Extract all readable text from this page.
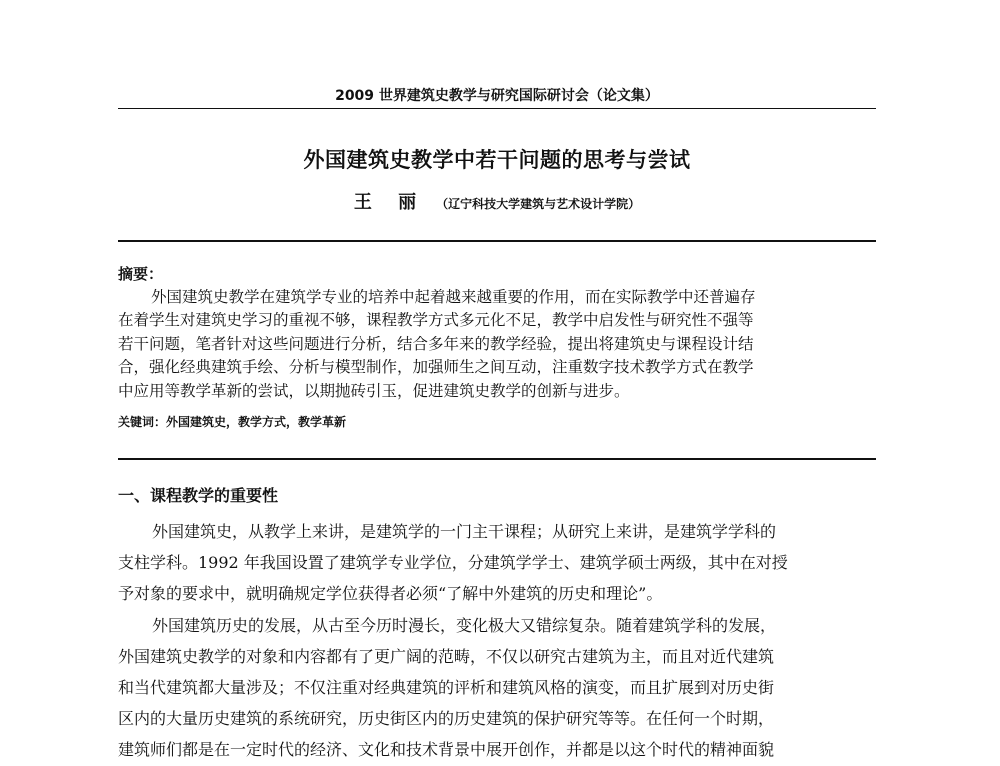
2009 世界建筑史教学与研究国际研讨会（论文集）
外国建筑史教学中若干问题的思考与尝试
王 丽 （辽宁科技大学建筑与艺术设计学院）
摘要：
外国建筑史教学在建筑学专业的培养中起着越来越重要的作用，而在实际教学中还普遍存
在着学生对建筑史学习的重视不够，课程教学方式多元化不足，教学中启发性与研究性不强等
若干问题，笔者针对这些问题进行分析，结合多年来的教学经验，提出将建筑史与课程设计结
合，强化经典建筑手绘、分析与模型制作，加强师生之间互动，注重数字技术教学方式在教学
中应用等教学革新的尝试，以期抛砖引玉，促进建筑史教学的创新与进步。
关键词：外国建筑史，教学方式，教学革新
一、课程教学的重要性
外国建筑史，从教学上来讲，是建筑学的一门主干课程；从研究上来讲，是建筑学学科的
支柱学科。1992 年我国设置了建筑学专业学位，分建筑学学士、建筑学硕士两级，其中在对授
予对象的要求中，就明确规定学位获得者必须“了解中外建筑的历史和理论”。
外国建筑历史的发展，从古至今历时漫长，变化极大又错综复杂。随着建筑学科的发展，
外国建筑史教学的对象和内容都有了更广阔的范畴，不仅以研究古建筑为主，而且对近代建筑
和当代建筑都大量涉及；不仅注重对经典建筑的评析和建筑风格的演变，而且扩展到对历史街
区内的大量历史建筑的系统研究，历史街区内的历史建筑的保护研究等等。在任何一个时期，
建筑师们都是在一定时代的经济、文化和技术背景中展开创作，并都是以这个时代的精神面貌
